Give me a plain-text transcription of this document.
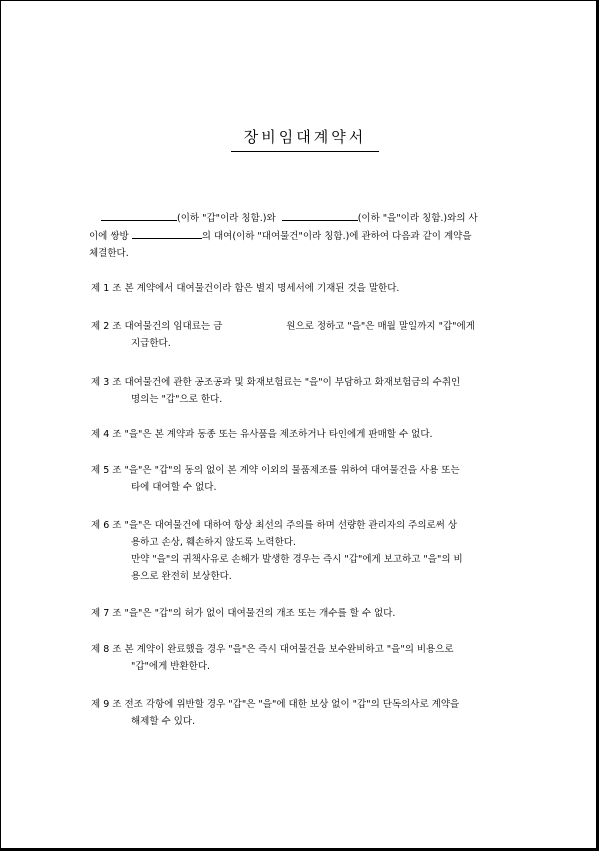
장비임대계약서
(이하 "갑"이라 칭함.)와	(이하 "을"이라 칭함.)와의 사
이에 쌍방	의 대여(이하 "대여물건"이라 칭함.)에 관하여 다음과 같이 계약을
체결한다.
제 1 조 본 계약에서 대여물건이라 함은 별지 명세서에 기재된 것을 말한다.
제 2 조 대여물건의 임대료는 금	원으로 정하고 "을"은 매월 말일까지 "갑"에게
지급한다.
제 3 조 대여물건에 관한 공조공과 및 화재보험료는 "을"이 부담하고 화재보험금의 수취인
명의는 "갑"으로 한다.
제 4 조 "을"은 본 계약과 동종 또는 유사품을 제조하거나 타인에게 판매할 수 없다.
제 5 조 "을"은 "갑"의 동의 없이 본 계약 이외의 물품제조를 위하여 대여물건을 사용 또는
타에 대여할 수 없다.
제 6 조 "을"은 대여물건에 대하여 항상 최선의 주의를 하며 선량한 관리자의 주의로써 상
용하고 손상, 훼손하지 않도록 노력한다.
만약 "을"의 귀책사유로 손해가 발생한 경우는 즉시 "갑"에게 보고하고 "을"의 비
용으로 완전히 보상한다.
제 7 조 "을"은 "갑"의 허가 없이 대여물건의 개조 또는 개수를 할 수 없다.
제 8 조 본 계약이 완료했을 경우 "을"은 즉시 대여물건을 보수완비하고 "을"의 비용으로
"갑"에게 반환한다.
제 9 조 전조 각항에 위반할 경우 "갑"은 "을"에 대한 보상 없이 "갑"의 단독의사로 계약을
해제할 수 있다.
